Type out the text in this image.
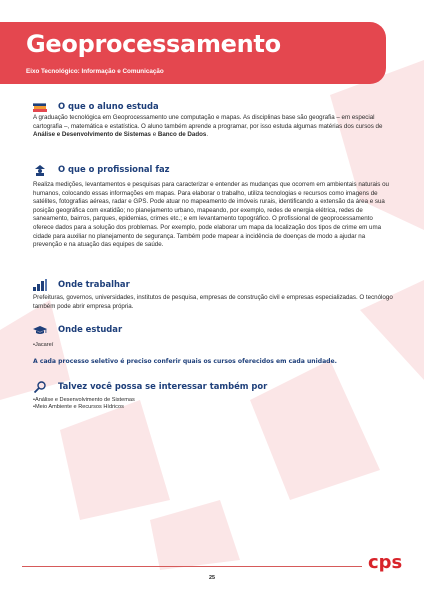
Geoprocessamento
Eixo Tecnológico: Informação e Comunicação
O que o aluno estuda

A graduação tecnológica em Geoprocessamento une computação e mapas. As disciplinas base são geografia – em especial cartografia –, matemática e estatística. O aluno também aprende a programar, por isso estuda algumas matérias dos cursos de Análise e Desenvolvimento de Sistemas e Banco de Dados.

O que o profissional faz

Realiza medições, levantamentos e pesquisas para caracterizar e entender as mudanças que ocorrem em ambientais naturais ou humanos, colocando essas informações em mapas. Para elaborar o trabalho, utiliza tecnologias e recursos como imagens de satélites, fotografias aéreas, radar e GPS. Pode atuar no mapeamento de imóveis rurais, identificando a extensão da área e sua posição geográfica com exatidão; no planejamento urbano, mapeando, por exemplo, redes de energia elétrica, redes de saneamento, bairros, parques, epidemias, crimes etc.; e em levantamento topográfico. O profissional de geoprocessamento oferece dados para a solução dos problemas. Por exemplo, pode elaborar um mapa da localização dos tipos de crime em uma cidade para auxiliar no planejamento de segurança. Também pode mapear a incidência de doenças de modo a ajudar na prevenção e na atuação das equipes de saúde.

Onde trabalhar

Prefeituras, governos, universidades, institutos de pesquisa, empresas de construção civil e empresas especializadas. O tecnólogo também pode abrir empresa própria.

Onde estudar
• Jacareí
A cada processo seletivo é preciso conferir quais os cursos oferecidos em cada unidade.
Talvez você possa se interessar também por
• Análise e Desenvolvimento de Sistemas
• Meio Ambiente e Recursos Hídricos
cps
25
